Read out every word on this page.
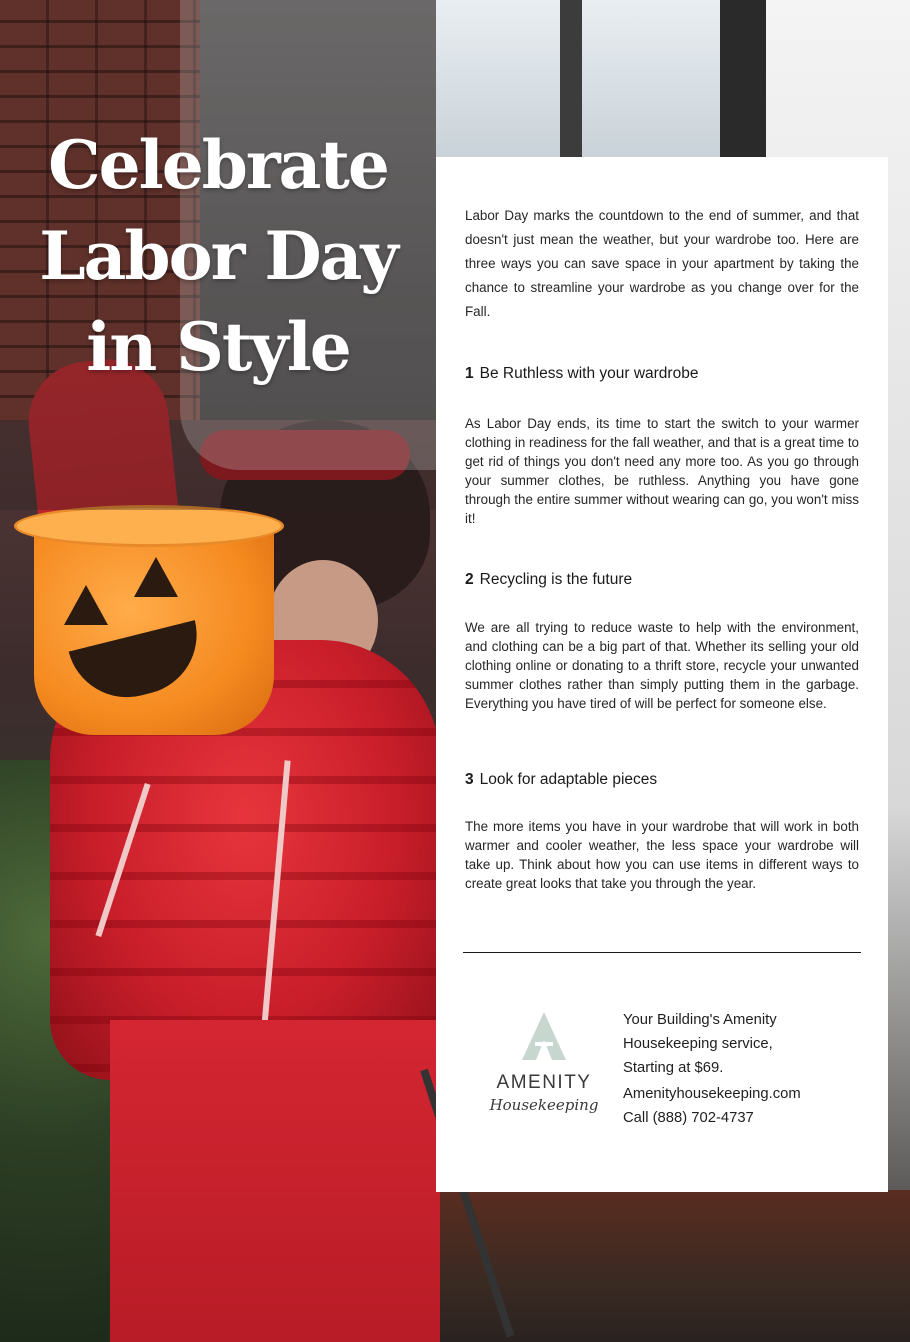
Celebrate
Labor Day
in Style
Labor Day marks the countdown to the end of summer, and that doesn't just mean the weather, but your wardrobe too. Here are three ways you can save space in your apartment by taking the chance to streamline your wardrobe as you change over for the Fall.
1 Be Ruthless with your wardrobe
As Labor Day ends, its time to start the switch to your warmer clothing in readiness for the fall weather, and that is a great time to get rid of things you don't need any more too. As you go through your summer clothes, be ruthless. Anything you have gone through the entire summer without wearing can go, you won't miss it!
2 Recycling is the future
We are all trying to reduce waste to help with the environment, and clothing can be a big part of that. Whether its selling your old clothing online or donating to a thrift store, recycle your unwanted summer clothes rather than simply putting them in the garbage. Everything you have tired of will be perfect for someone else.
3 Look for adaptable pieces
The more items you have in your wardrobe that will work in both warmer and cooler weather, the less space your wardrobe will take up. Think about how you can use items in different ways to create great looks that take you through the year.
AMENITY
Housekeeping
Your Building's Amenity
Housekeeping service,
Starting at $69.
Amenityhousekeeping.com
Call (888) 702-4737
